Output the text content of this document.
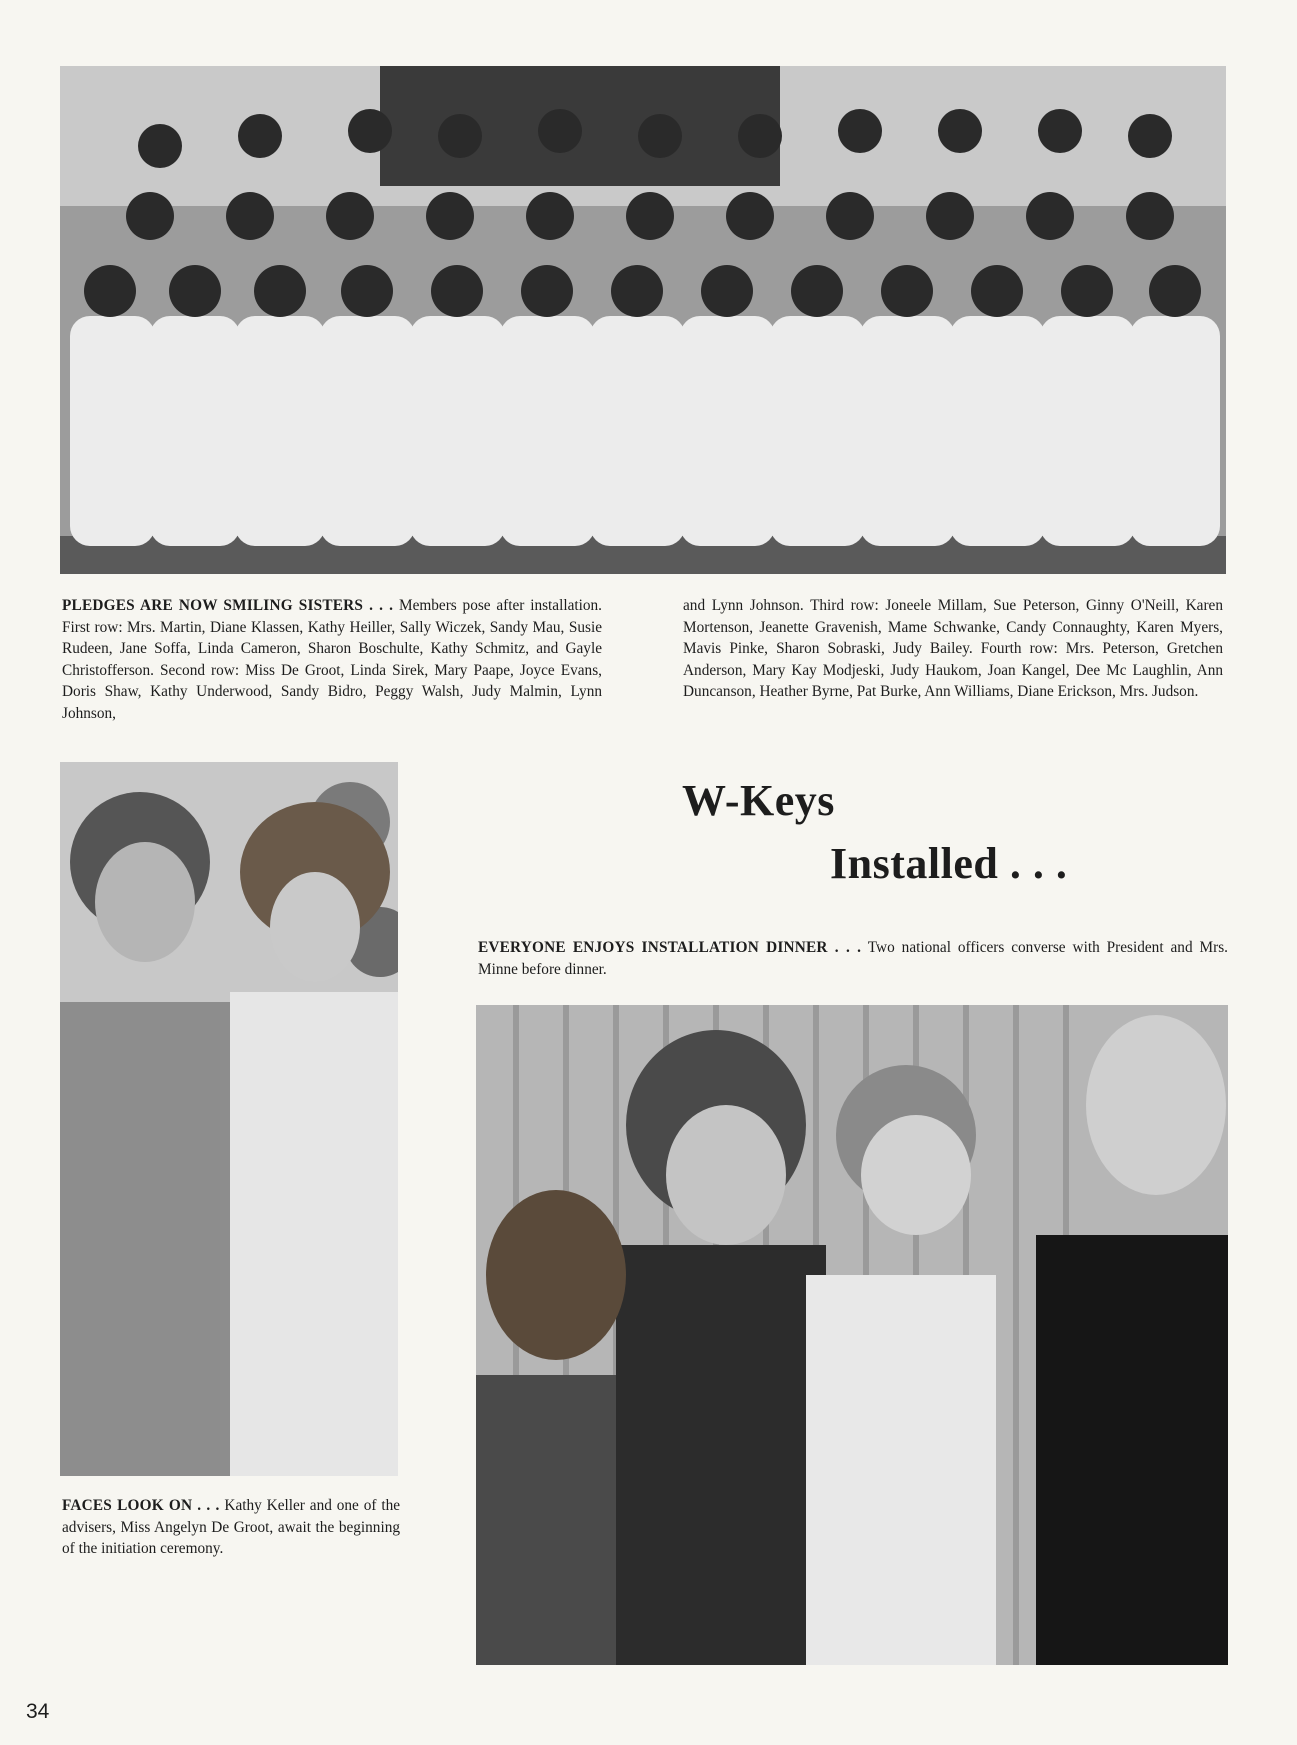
PLEDGES ARE NOW SMILING SISTERS . . . Members pose after installation. First row: Mrs. Martin, Diane Klassen, Kathy Heiller, Sally Wiczek, Sandy Mau, Susie Rudeen, Jane Soffa, Linda Cameron, Sharon Boschulte, Kathy Schmitz, and Gayle Christofferson. Second row: Miss De Groot, Linda Sirek, Mary Paape, Joyce Evans, Doris Shaw, Kathy Underwood, Sandy Bidro, Peggy Walsh, Judy Malmin, Lynn Johnson,

and Lynn Johnson. Third row: Joneele Millam, Sue Peterson, Ginny O'Neill, Karen Mortenson, Jeanette Gravenish, Mame Schwanke, Candy Connaughty, Karen Myers, Mavis Pinke, Sharon Sobraski, Judy Bailey. Fourth row: Mrs. Peterson, Gretchen Anderson, Mary Kay Modjeski, Judy Haukom, Joan Kangel, Dee Mc Laughlin, Ann Duncanson, Heather Byrne, Pat Burke, Ann Williams, Diane Erickson, Mrs. Judson.

FACES LOOK ON . . . Kathy Keller and one of the advisers, Miss Angelyn De Groot, await the beginning of the initiation ceremony.

W-Keys
Installed . . .

EVERYONE ENJOYS INSTALLATION DINNER . . . Two national officers converse with President and Mrs. Minne before dinner.

34
